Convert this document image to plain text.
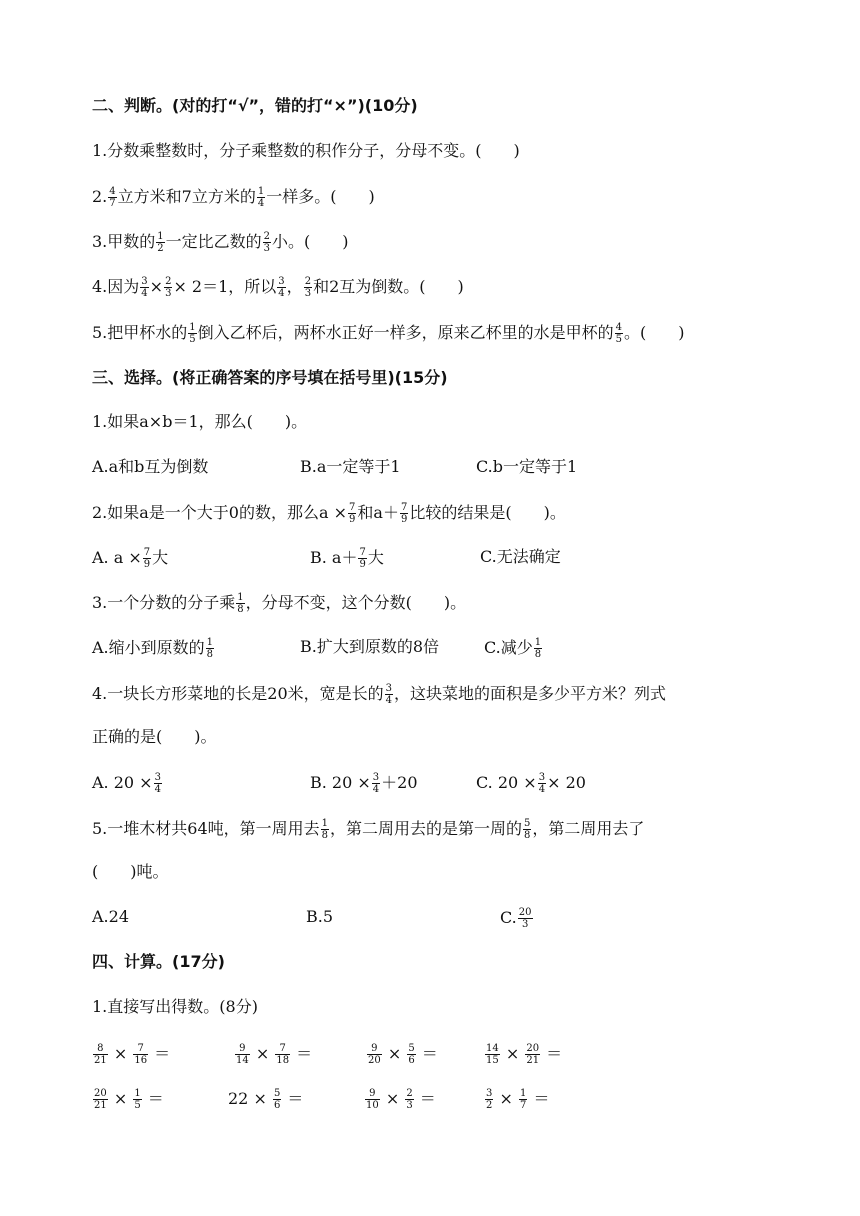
二、判断。(对的打“√”，错的打“×”)(10分)
1.分数乘整数时，分子乘整数的积作分子，分母不变。(　　)
2. $\frac{4}{7}$ 立方米和7立方米的 $\frac{1}{4}$ 一样多。(　　)
3.甲数的 $\frac{1}{2}$ 一定比乙数的 $\frac{2}{3}$ 小。(　　)
4.因为 $\frac{3}{4} \times \frac{2}{3} \times 2=1$，所以 $\frac{3}{4}$ ， $\frac{2}{3}$ 和2互为倒数。(　　)
5.把甲杯水的 $\frac{1}{5}$ 倒入乙杯后，两杯水正好一样多，原来乙杯里的水是甲杯的 $\frac{4}{5}$ 。(　　)
三、选择。(将正确答案的序号填在括号里)(15分)
1.如果a×b＝1，那么(　　)。
A.a和b互为倒数	B.a一定等于1	C.b一定等于1
2.如果a是一个大于0的数，那么$a \times \frac{7}{9}$ 和$a+ \frac{7}{9}$ 比较的结果是(　　)。
A. $a \times \frac{7}{9}$ 大	B. $a+ \frac{7}{9}$ 大	C.无法确定
3.一个分数的分子乘 $\frac{1}{8}$ ，分母不变，这个分数(　　)。
A.缩小到原数的 $\frac{1}{8}$	B.扩大到原数的8倍	C.减少 $\frac{1}{8}$
4.一块长方形菜地的长是20米，宽是长的 $\frac{3}{4}$ ，这块菜地的面积是多少平方米？列式
正确的是(　　)。
A. $20 \times \frac{3}{4}$	B. $20 \times \frac{3}{4} +20$	C. $20 \times \frac{3}{4} \times 20$
5.一堆木材共64吨，第一周用去 $\frac{1}{8}$ ，第二周用去的是第一周的 $\frac{5}{8}$ ，第二周用去了
(　　)吨。
A.24	B.5	C. $\frac{20}{3}$
四、计算。(17分)
1.直接写出得数。(8分)
$\frac{8}{21} \times \frac{7}{16}$ ＝	$\frac{9}{14} \times \frac{7}{18}$ ＝	$\frac{9}{20} \times \frac{5}{6}$ ＝	$\frac{14}{15} \times \frac{20}{21}$ ＝
$\frac{20}{21} \times \frac{1}{5}$ ＝	$22 \times \frac{5}{6}$ ＝	$\frac{9}{10} \times \frac{2}{3}$ ＝	$\frac{3}{2} \times \frac{1}{7}$ ＝
